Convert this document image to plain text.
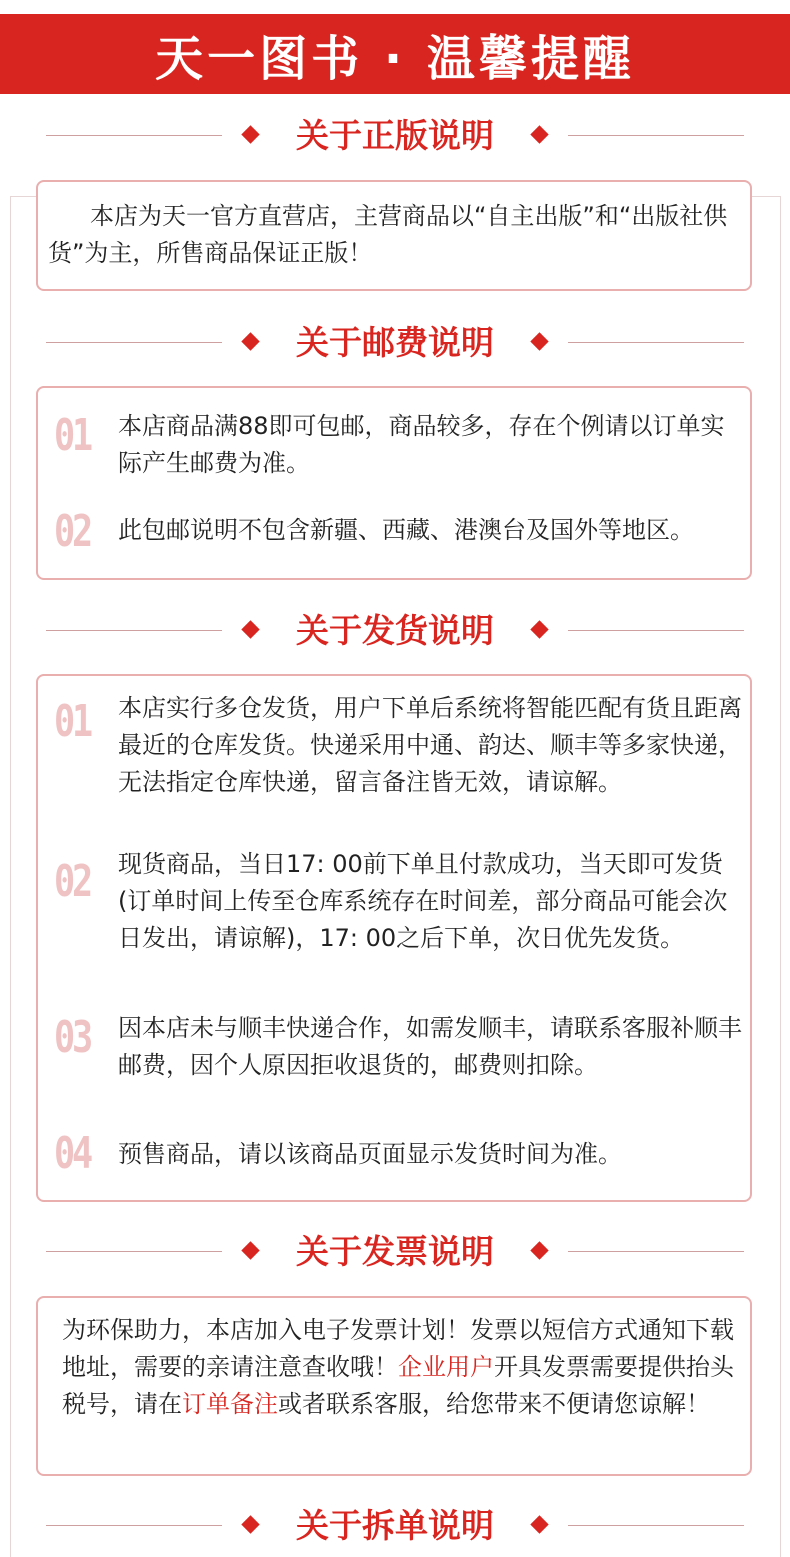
天一图书 · 温馨提醒
关于正版说明
本店为天一官方直营店，主营商品以“自主出版”和“出版社供货”为主，所售商品保证正版！
关于邮费说明
01	本店商品满88即可包邮，商品较多，存在个例请以订单实际产生邮费为准。
02	此包邮说明不包含新疆、西藏、港澳台及国外等地区。
关于发货说明
01	本店实行多仓发货，用户下单后系统将智能匹配有货且距离最近的仓库发货。快递采用中通、韵达、顺丰等多家快递，无法指定仓库快递，留言备注皆无效，请谅解。
02	现货商品，当日17: 00前下单且付款成功，当天即可发货(订单时间上传至仓库系统存在时间差，部分商品可能会次日发出，请谅解)，17: 00之后下单，次日优先发货。
03	因本店未与顺丰快递合作，如需发顺丰，请联系客服补顺丰邮费，因个人原因拒收退货的，邮费则扣除。
04	预售商品，请以该商品页面显示发货时间为准。
关于发票说明
为环保助力，本店加入电子发票计划！发票以短信方式通知下载地址，需要的亲请注意查收哦！企业用户开具发票需要提供抬头税号，请在订单备注或者联系客服，给您带来不便请您谅解！
关于拆单说明
